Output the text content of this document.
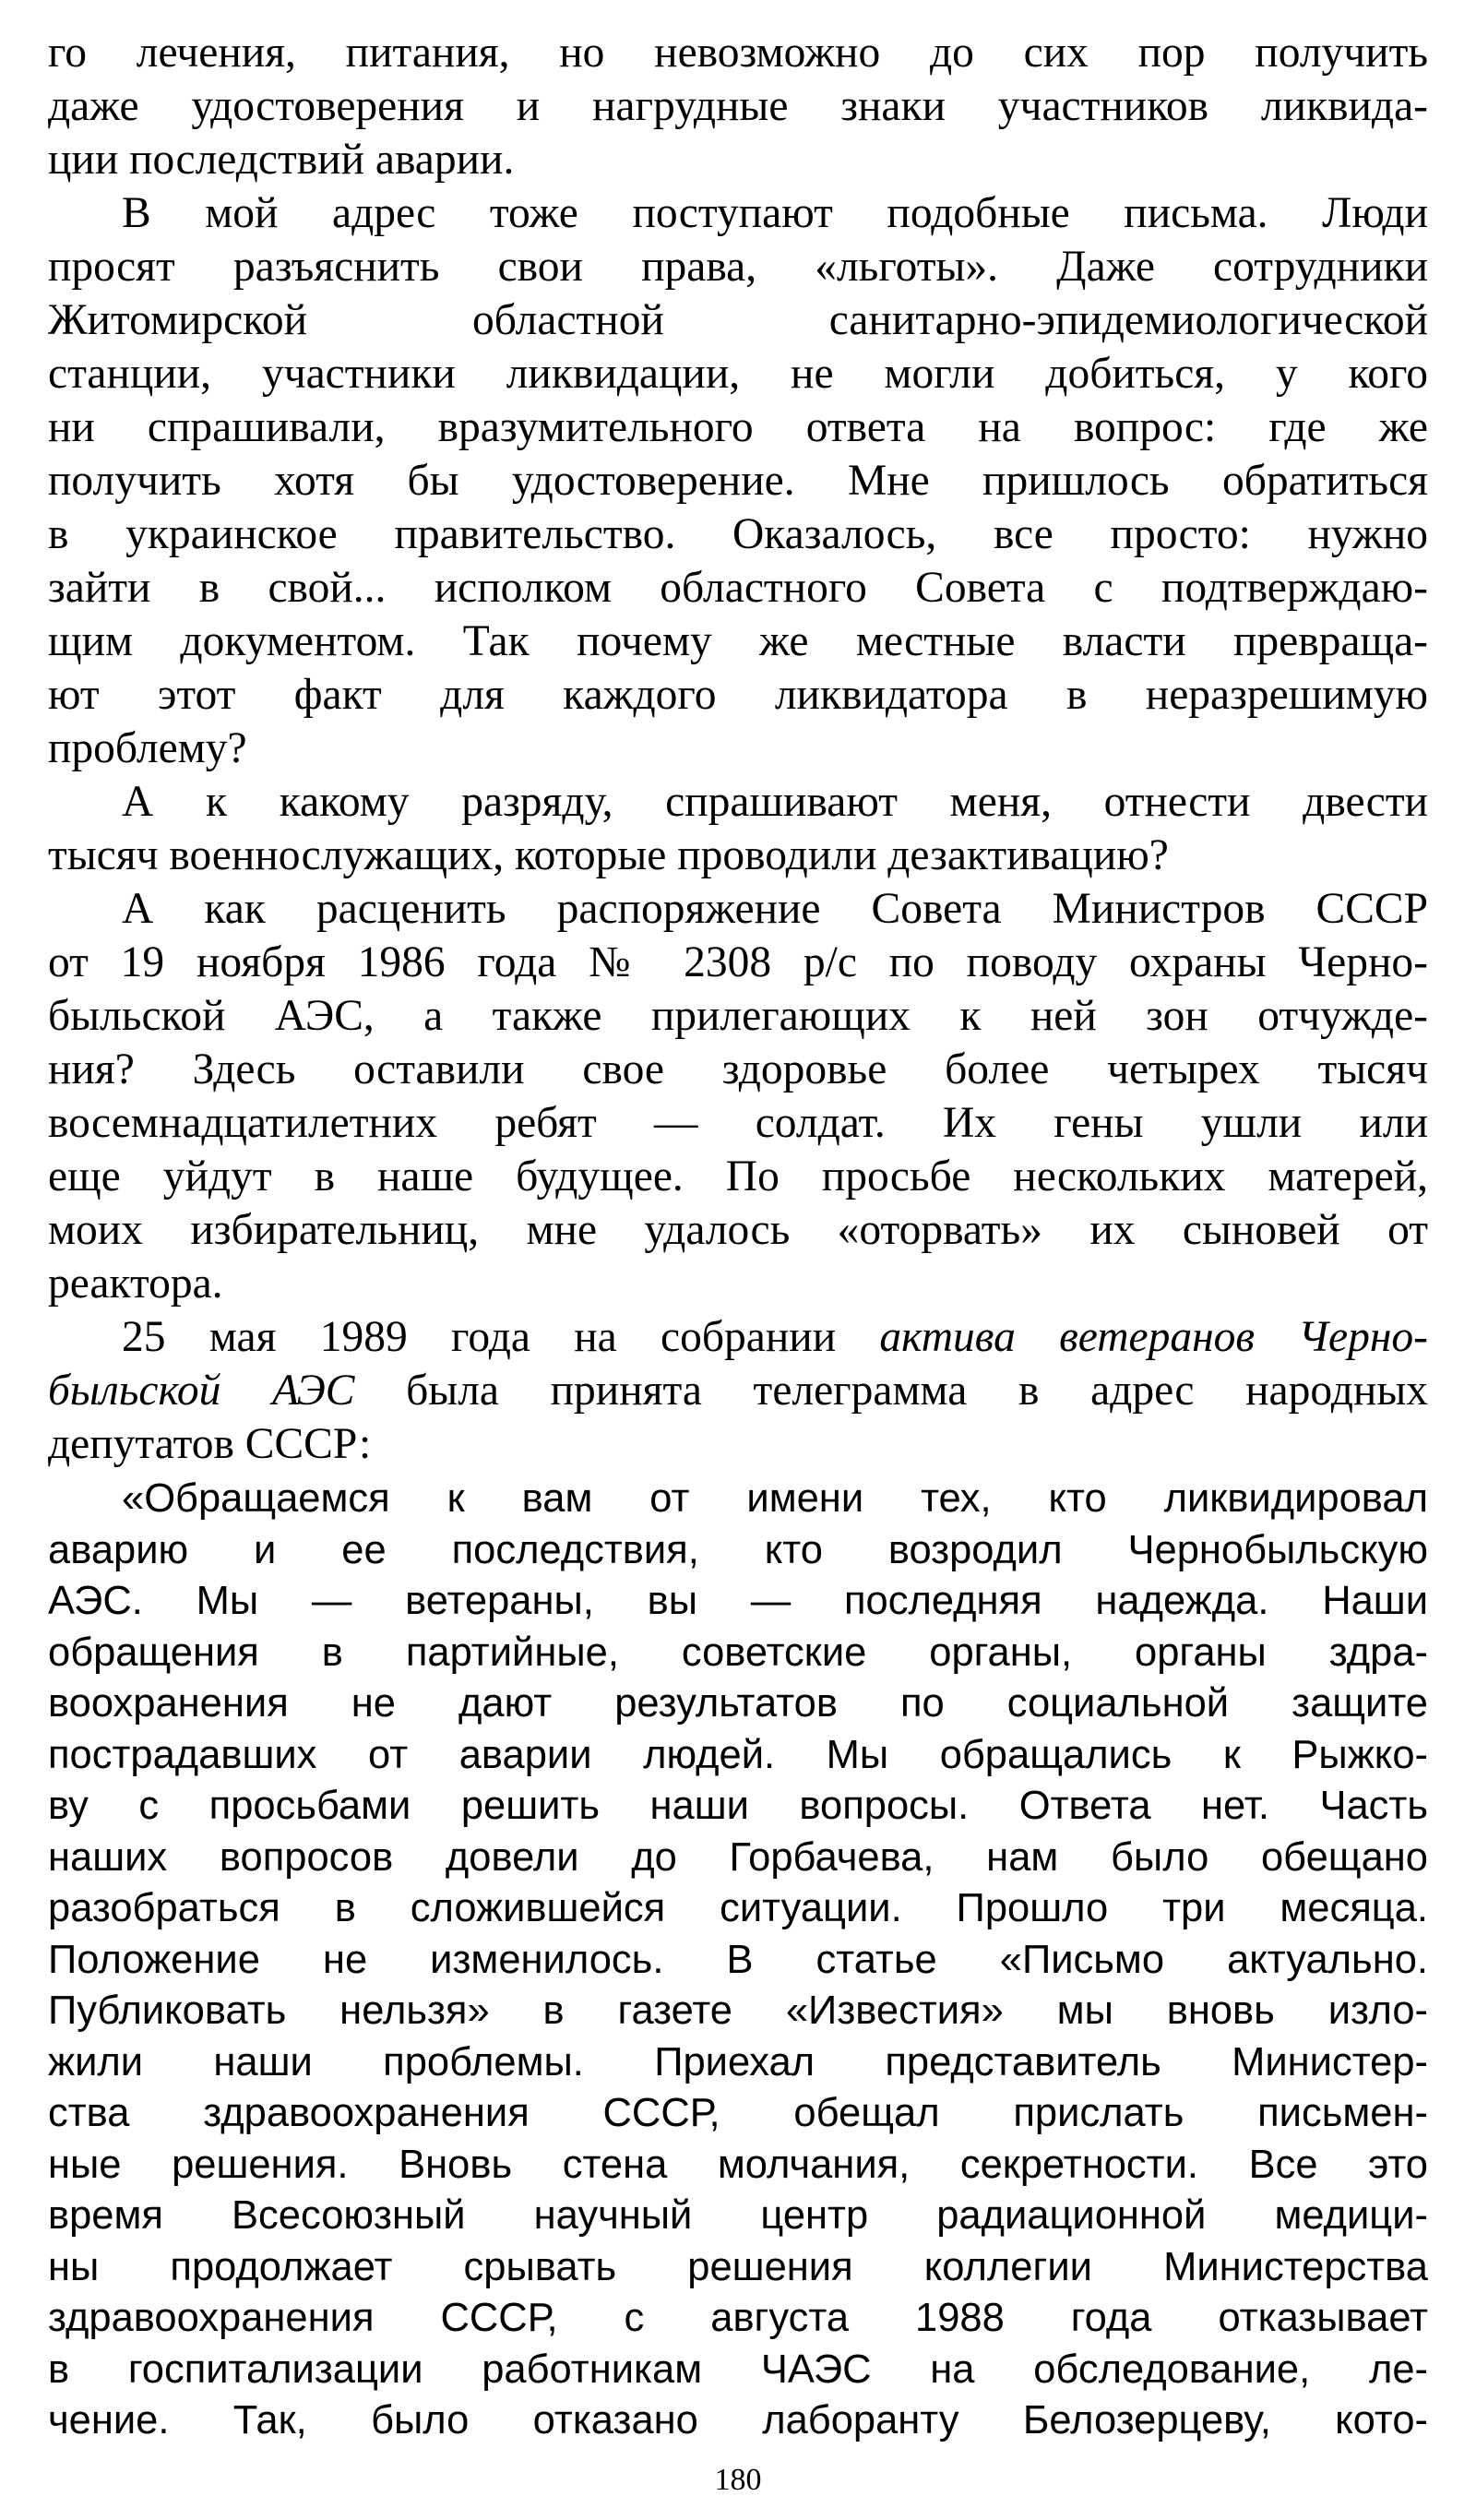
го лечения, питания, но невозможно до сих пор получить
даже удостоверения и нагрудные знаки участников ликвида-
ции последствий аварии.

В мой адрес тоже поступают подобные письма. Люди
просят разъяснить свои права, «льготы». Даже сотрудники
Житомирской областной санитарно-эпидемиологической
станции, участники ликвидации, не могли добиться, у кого
ни спрашивали, вразумительного ответа на вопрос: где же
получить хотя бы удостоверение. Мне пришлось обратиться
в украинское правительство. Оказалось, все просто: нужно
зайти в свой... исполком областного Совета с подтверждаю-
щим документом. Так почему же местные власти превраща-
ют этот факт для каждого ликвидатора в неразрешимую
проблему?

А к какому разряду, спрашивают меня, отнести двести
тысяч военнослужащих, которые проводили дезактивацию?

А как расценить распоряжение Совета Министров СССР
от 19 ноября 1986 года № 2308 р/с по поводу охраны Черно-
быльской АЭС, а также прилегающих к ней зон отчужде-
ния? Здесь оставили свое здоровье более четырех тысяч
восемнадцатилетних ребят — солдат. Их гены ушли или
еще уйдут в наше будущее. По просьбе нескольких матерей,
моих избирательниц, мне удалось «оторвать» их сыновей от
реактора.

25 мая 1989 года на собрании актива ветеранов Черно-
быльской АЭС была принята телеграмма в адрес народных
депутатов СССР:

«Обращаемся к вам от имени тех, кто ликвидировал
аварию и ее последствия, кто возродил Чернобыльскую
АЭС. Мы — ветераны, вы — последняя надежда. Наши
обращения в партийные, советские органы, органы здра-
воохранения не дают результатов по социальной защите
пострадавших от аварии людей. Мы обращались к Рыжко-
ву с просьбами решить наши вопросы. Ответа нет. Часть
наших вопросов довели до Горбачева, нам было обещано
разобраться в сложившейся ситуации. Прошло три месяца.
Положение не изменилось. В статье «Письмо актуально.
Публиковать нельзя» в газете «Известия» мы вновь изло-
жили наши проблемы. Приехал представитель Министер-
ства здравоохранения СССР, обещал прислать письмен-
ные решения. Вновь стена молчания, секретности. Все это
время Всесоюзный научный центр радиационной медици-
ны продолжает срывать решения коллегии Министерства
здравоохранения СССР, с августа 1988 года отказывает
в госпитализации работникам ЧАЭС на обследование, ле-
чение. Так, было отказано лаборанту Белозерцеву, кото-

180
